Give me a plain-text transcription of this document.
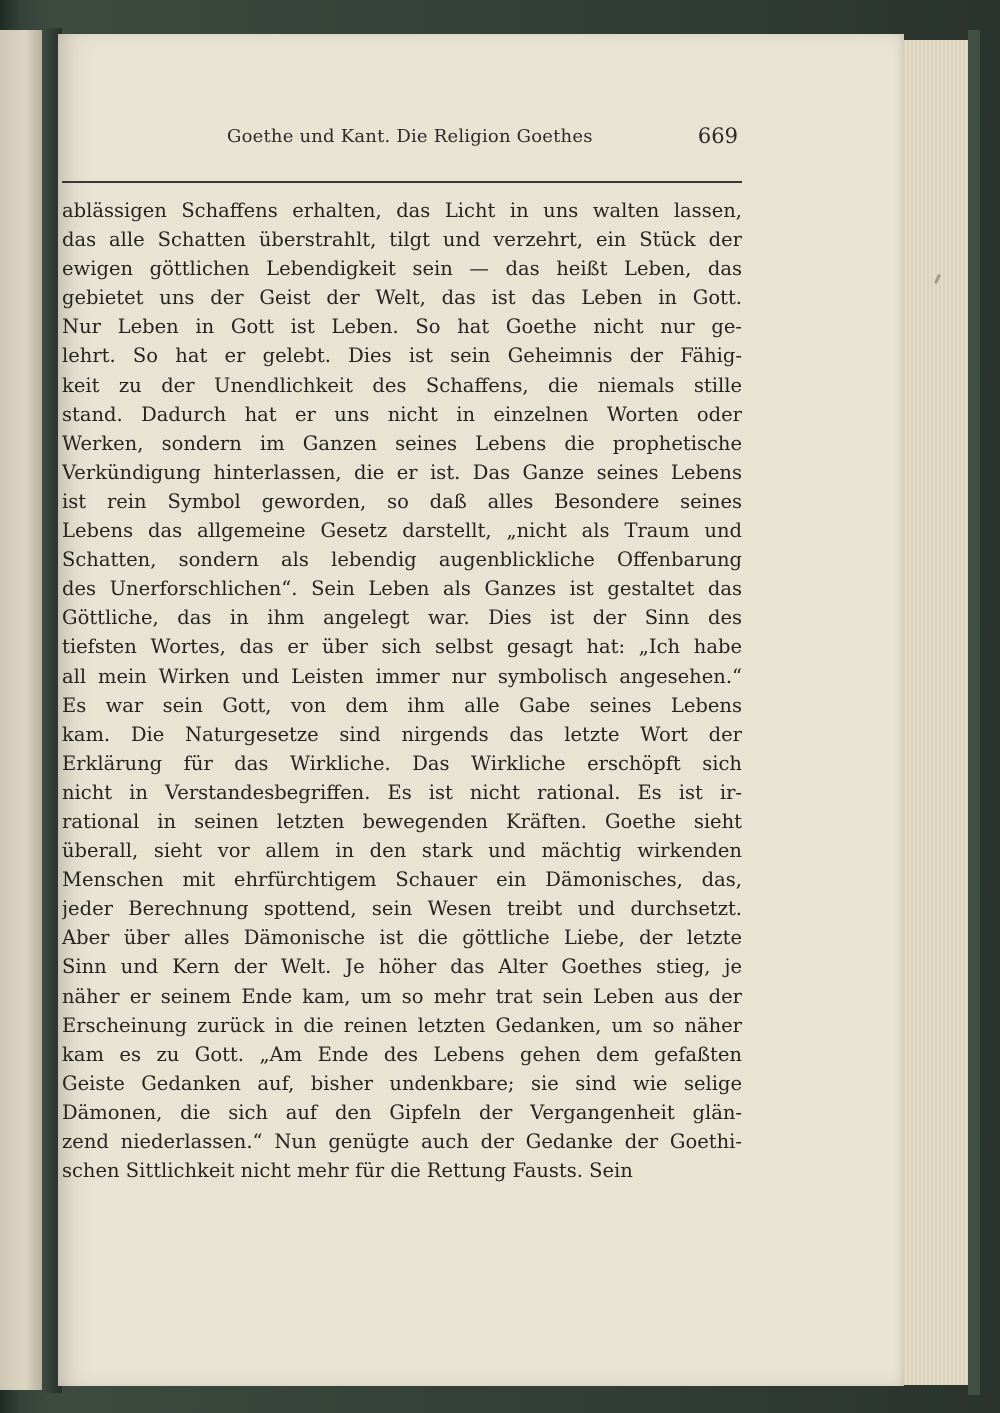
Goethe und Kant. Die Religion Goethes	669
ablässigen Schaffens erhalten, das Licht in uns walten lassen,
das alle Schatten überstrahlt, tilgt und verzehrt, ein Stück der
ewigen göttlichen Lebendigkeit sein — das heißt Leben, das
gebietet uns der Geist der Welt, das ist das Leben in Gott.
Nur Leben in Gott ist Leben. So hat Goethe nicht nur ge-
lehrt. So hat er gelebt. Dies ist sein Geheimnis der Fähig-
keit zu der Unendlichkeit des Schaffens, die niemals stille
stand. Dadurch hat er uns nicht in einzelnen Worten oder
Werken, sondern im Ganzen seines Lebens die prophetische
Verkündigung hinterlassen, die er ist. Das Ganze seines Lebens
ist rein Symbol geworden, so daß alles Besondere seines
Lebens das allgemeine Gesetz darstellt, „nicht als Traum und
Schatten, sondern als lebendig augenblickliche Offenbarung
des Unerforschlichen“. Sein Leben als Ganzes ist gestaltet das
Göttliche, das in ihm angelegt war. Dies ist der Sinn des
tiefsten Wortes, das er über sich selbst gesagt hat: „Ich habe
all mein Wirken und Leisten immer nur symbolisch angesehen.“
Es war sein Gott, von dem ihm alle Gabe seines Lebens
kam. Die Naturgesetze sind nirgends das letzte Wort der
Erklärung für das Wirkliche. Das Wirkliche erschöpft sich
nicht in Verstandesbegriffen. Es ist nicht rational. Es ist ir-
rational in seinen letzten bewegenden Kräften. Goethe sieht
überall, sieht vor allem in den stark und mächtig wirkenden
Menschen mit ehrfürchtigem Schauer ein Dämonisches, das,
jeder Berechnung spottend, sein Wesen treibt und durchsetzt.
Aber über alles Dämonische ist die göttliche Liebe, der letzte
Sinn und Kern der Welt. Je höher das Alter Goethes stieg, je
näher er seinem Ende kam, um so mehr trat sein Leben aus der
Erscheinung zurück in die reinen letzten Gedanken, um so näher
kam es zu Gott. „Am Ende des Lebens gehen dem gefaßten
Geiste Gedanken auf, bisher undenkbare; sie sind wie selige
Dämonen, die sich auf den Gipfeln der Vergangenheit glän-
zend niederlassen.“ Nun genügte auch der Gedanke der Goethi-
schen Sittlichkeit nicht mehr für die Rettung Fausts. Sein
